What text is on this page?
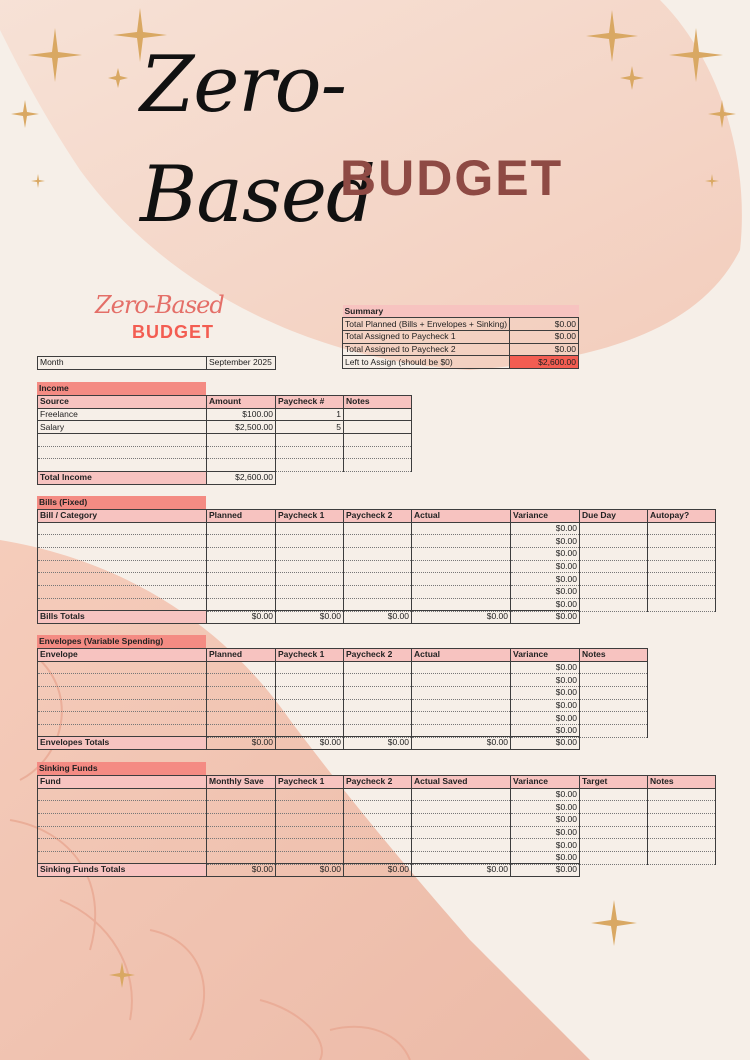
Zero-Based
BUDGET
Zero-Based
BUDGET
Summary	
Total Planned (Bills + Envelopes + Sinking)	$0.00
Total Assigned to Paycheck 1	$0.00
Total Assigned to Paycheck 2	$0.00
Left to Assign (should be $0)	$2,600.00
Month	September 2025
Income
Source	Amount	Paycheck #	Notes
Freelance	$100.00	1	
Salary	$2,500.00	5	

Total Income	$2,600.00
Bills (Fixed)
Bill / Category	Planned	Paycheck 1	Paycheck 2	Actual	Variance	Due Day	Autopay?
					$0.00		
					$0.00		
					$0.00		
					$0.00		
					$0.00		
					$0.00		
					$0.00		
Bills Totals	$0.00	$0.00	$0.00	$0.00	$0.00
Envelopes (Variable Spending)
Envelope	Planned	Paycheck 1	Paycheck 2	Actual	Variance	Notes
					$0.00	
					$0.00	
					$0.00	
					$0.00	
					$0.00	
					$0.00	
Envelopes Totals	$0.00	$0.00	$0.00	$0.00	$0.00
Sinking Funds
Fund	Monthly Save	Paycheck 1	Paycheck 2	Actual Saved	Variance	Target	Notes
					$0.00		
					$0.00		
					$0.00		
					$0.00		
					$0.00		
					$0.00		
Sinking Funds Totals	$0.00	$0.00	$0.00	$0.00	$0.00
